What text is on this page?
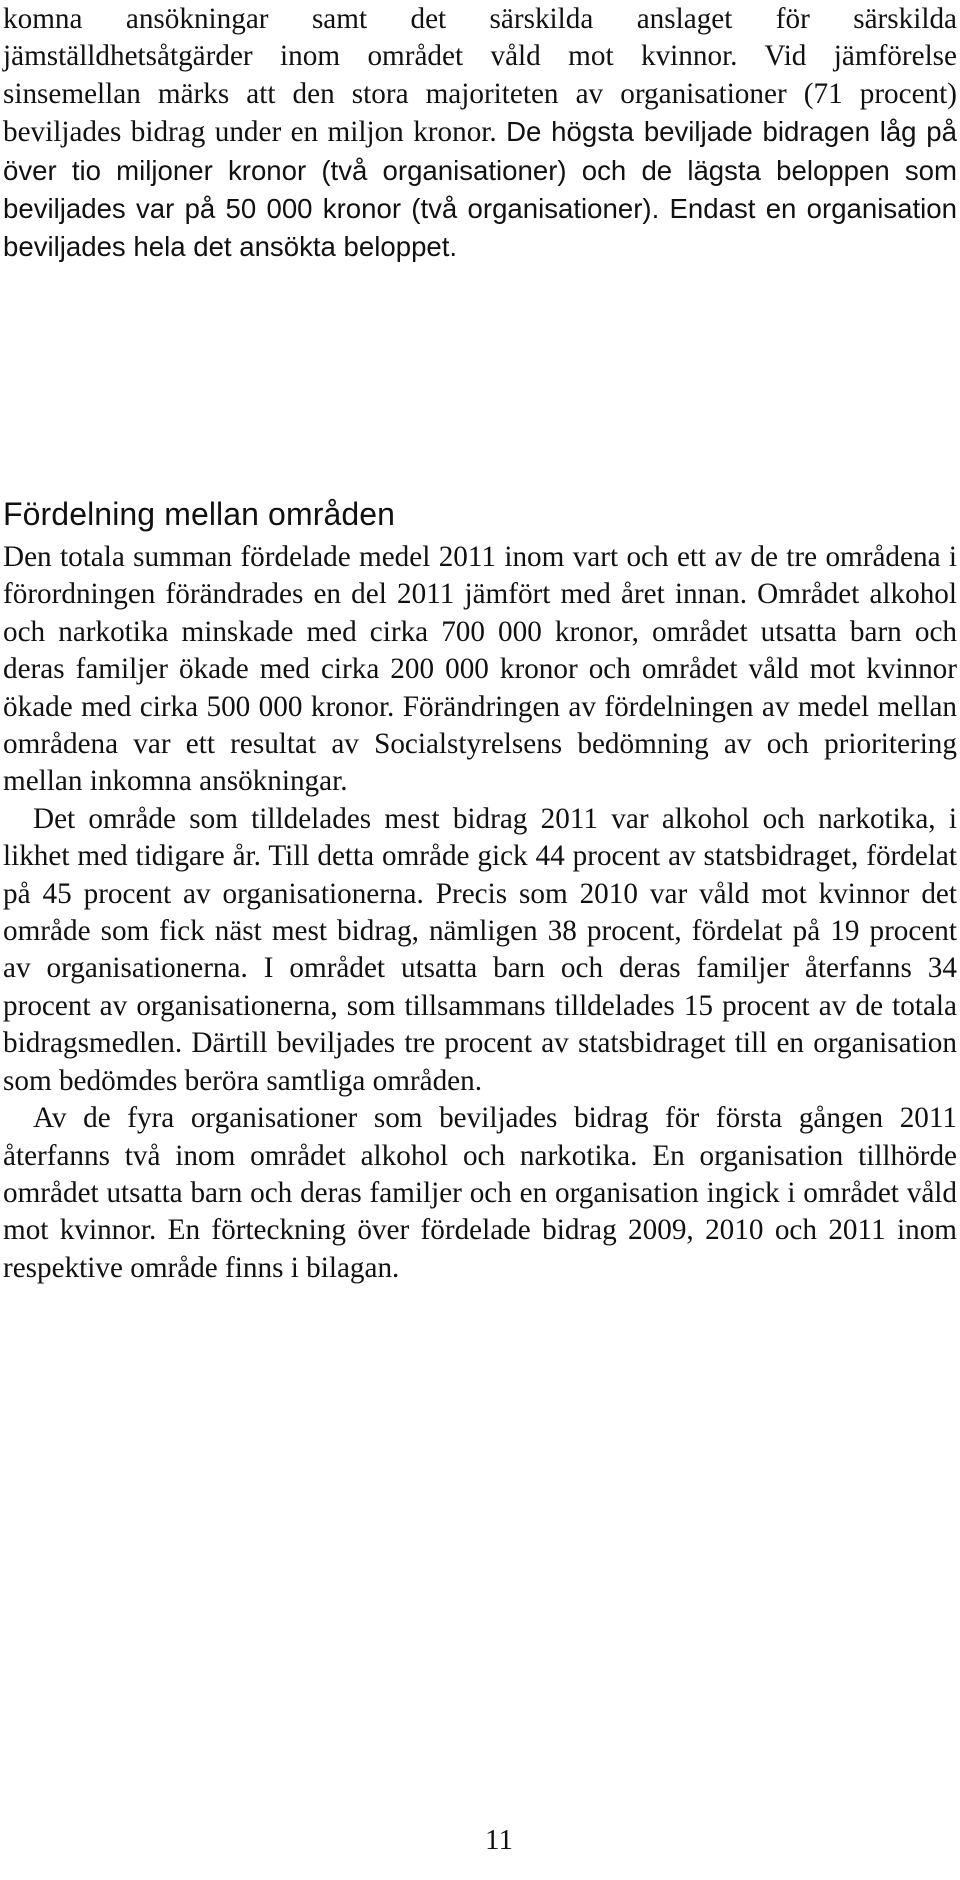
komna ansökningar samt det särskilda anslaget för särskilda jämställdhetsåtgärder inom området våld mot kvinnor. Vid jämförelse sinsemellan märks att den stora majoriteten av organisationer (71 procent) beviljades bidrag under en miljon kronor. De högsta beviljade bidragen låg på över tio miljoner kronor (två organisationer) och de lägsta beloppen som beviljades var på 50 000 kronor (två organisationer). Endast en organisation beviljades hela det ansökta beloppet.

Fördelning mellan områden

Den totala summan fördelade medel 2011 inom vart och ett av de tre områdena i förordningen förändrades en del 2011 jämfört med året innan. Området alkohol och narkotika minskade med cirka 700 000 kronor, området utsatta barn och deras familjer ökade med cirka 200 000 kronor och området våld mot kvinnor ökade med cirka 500 000 kronor. Förändringen av fördelningen av medel mellan områdena var ett resultat av Socialstyrelsens bedömning av och prioritering mellan inkomna ansökningar.

Det område som tilldelades mest bidrag 2011 var alkohol och narkotika, i likhet med tidigare år. Till detta område gick 44 procent av statsbidraget, fördelat på 45 procent av organisationerna. Precis som 2010 var våld mot kvinnor det område som fick näst mest bidrag, nämligen 38 procent, fördelat på 19 procent av organisationerna. I området utsatta barn och deras familjer återfanns 34 procent av organisationerna, som tillsammans tilldelades 15 procent av de totala bidragsmedlen. Därtill beviljades tre procent av statsbidraget till en organisation som bedömdes beröra samtliga områden.

Av de fyra organisationer som beviljades bidrag för första gången 2011 återfanns två inom området alkohol och narkotika. En organisation tillhörde området utsatta barn och deras familjer och en organisation ingick i området våld mot kvinnor. En förteckning över fördelade bidrag 2009, 2010 och 2011 inom respektive område finns i bilagan.

11
